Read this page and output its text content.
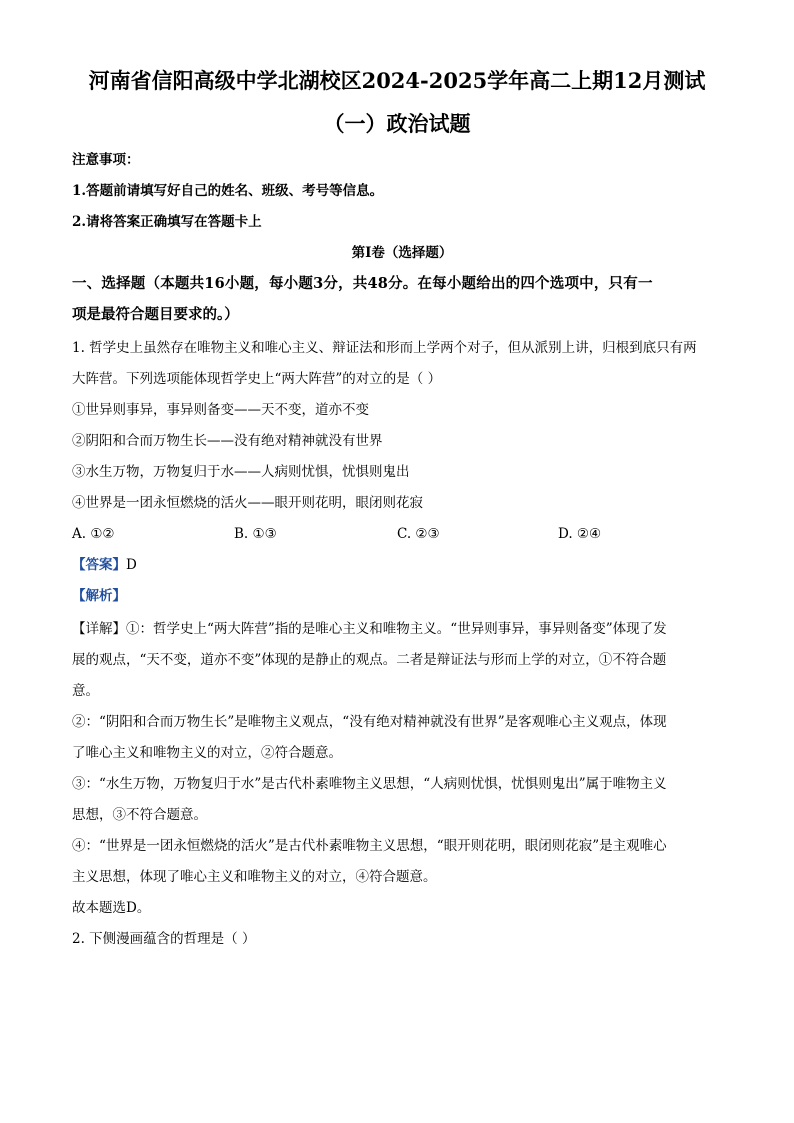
河南省信阳高级中学北湖校区2024-2025学年高二上期12月测试
（一）政治试题
注意事项：
1.答题前请填写好自己的姓名、班级、考号等信息。
2.请将答案正确填写在答题卡上
第I卷（选择题）
一、选择题（本题共16小题，每小题3分，共48分。在每小题给出的四个选项中，只有一
项是最符合题目要求的。）
1. 哲学史上虽然存在唯物主义和唯心主义、辩证法和形而上学两个对子，但从派别上讲，归根到底只有两
大阵营。下列选项能体现哲学史上“两大阵营”的对立的是（ ）
①世异则事异，事异则备变——天不变，道亦不变
②阴阳和合而万物生长——没有绝对精神就没有世界
③水生万物，万物复归于水——人病则忧惧，忧惧则鬼出
④世界是一团永恒燃烧的活火——眼开则花明，眼闭则花寂
A. ①②	B. ①③	C. ②③	D. ②④
【答案】D
【解析】
【详解】①：哲学史上“两大阵营”指的是唯心主义和唯物主义。“世异则事异，事异则备变”体现了发
展的观点，“天不变，道亦不变”体现的是静止的观点。二者是辩证法与形而上学的对立，①不符合题
意。
②：“阴阳和合而万物生长”是唯物主义观点，“没有绝对精神就没有世界”是客观唯心主义观点，体现
了唯心主义和唯物主义的对立，②符合题意。
③：“水生万物，万物复归于水”是古代朴素唯物主义思想，“人病则忧惧，忧惧则鬼出”属于唯物主义
思想，③不符合题意。
④：“世界是一团永恒燃烧的活火”是古代朴素唯物主义思想，“眼开则花明，眼闭则花寂”是主观唯心
主义思想，体现了唯心主义和唯物主义的对立，④符合题意。
故本题选D。
2. 下侧漫画蕴含的哲理是（ ）
